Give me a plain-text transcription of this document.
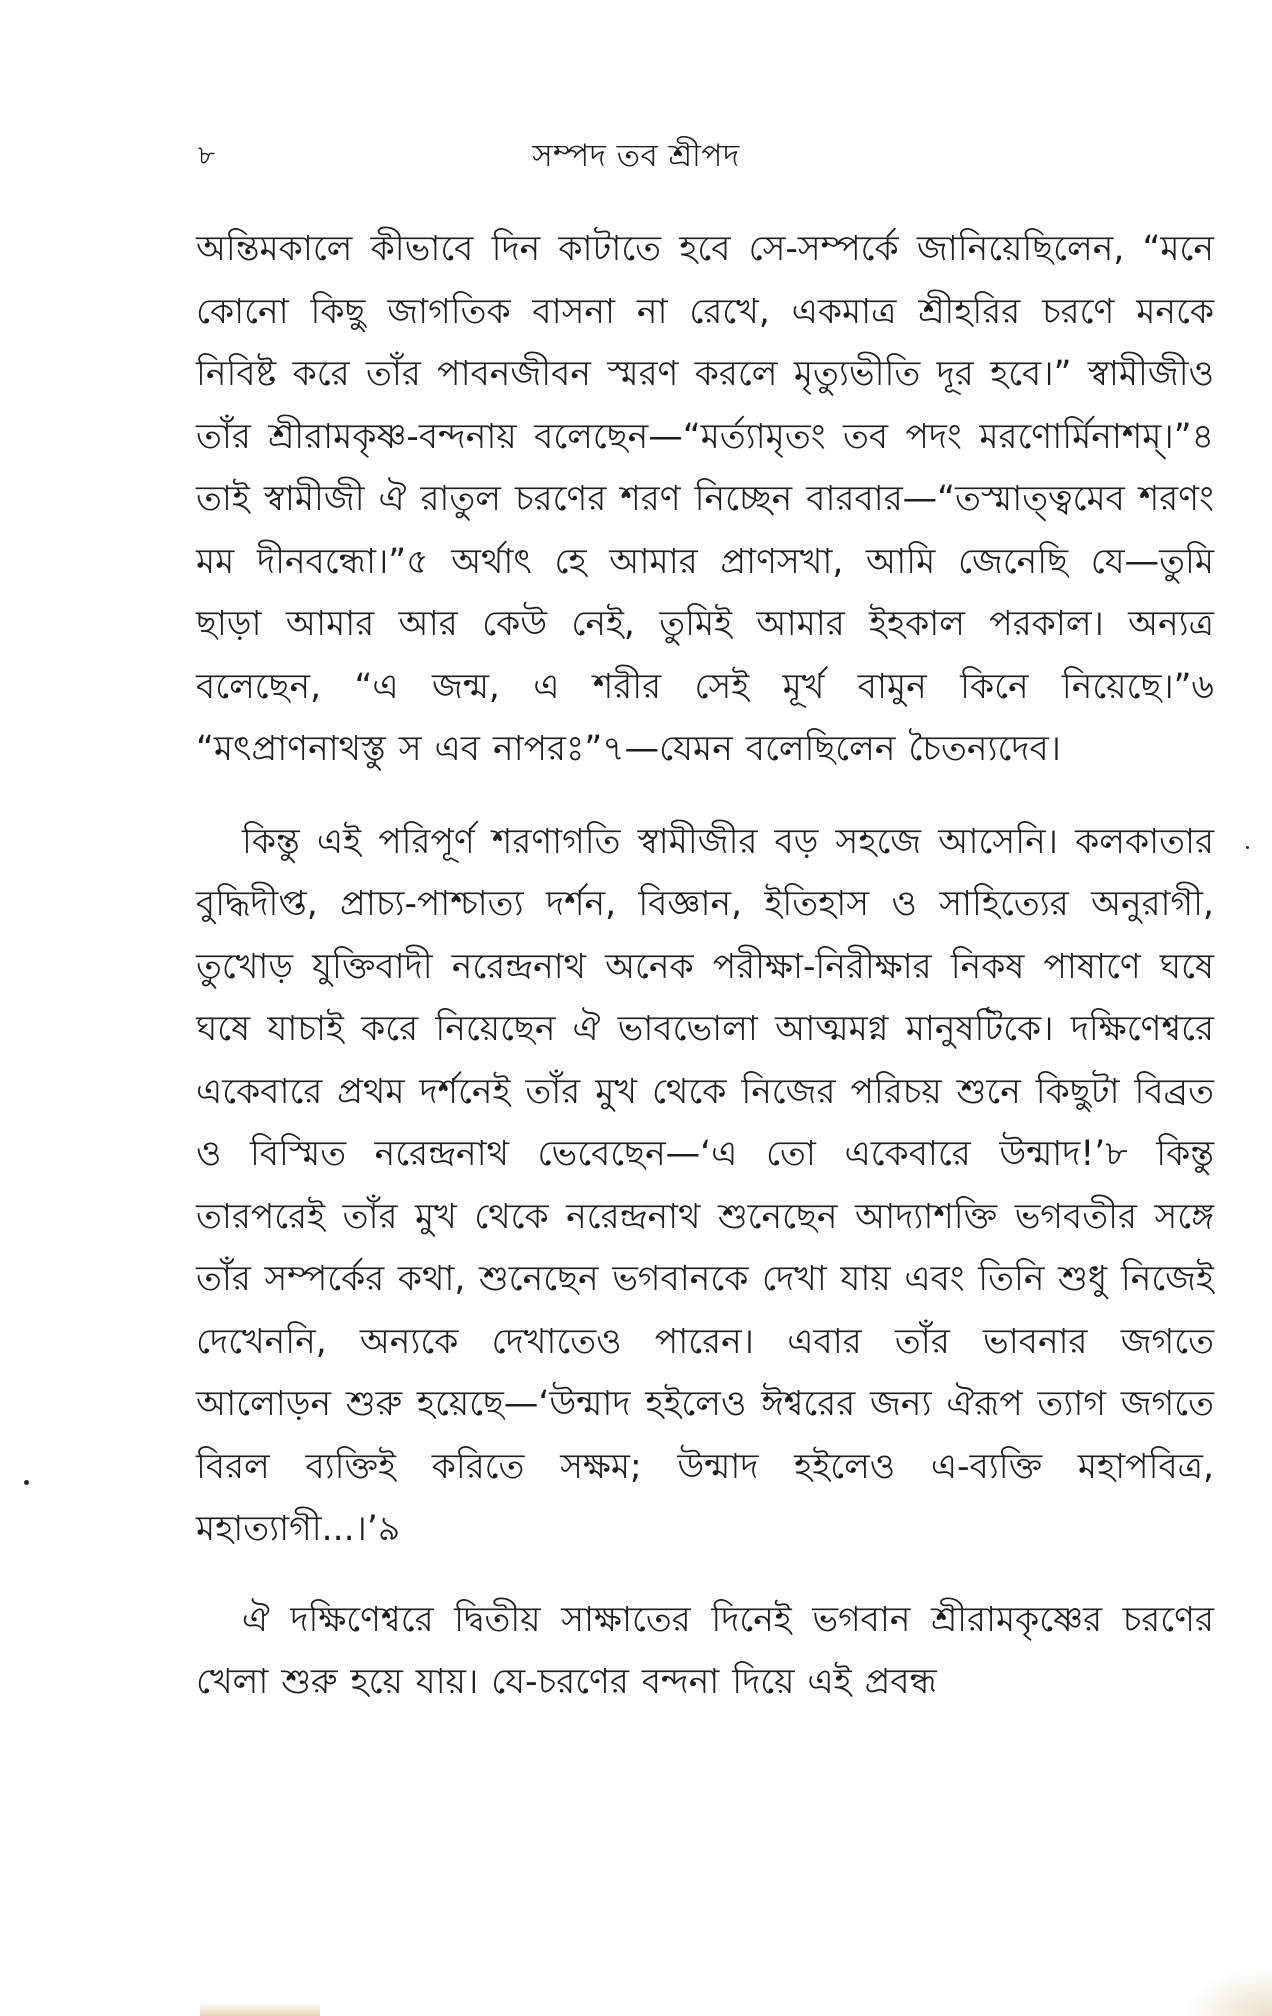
৮	সম্পদ তব শ্রীপদ

অন্তিমকালে কীভাবে দিন কাটাতে হবে সে-সম্পর্কে জানিয়েছিলেন, “মনে কোনো কিছু জাগতিক বাসনা না রেখে, একমাত্র শ্রীহরির চরণে মনকে নিবিষ্ট করে তাঁর পাবনজীবন স্মরণ করলে মৃত্যুভীতি দূর হবে।” স্বামীজীও তাঁর শ্রীরামকৃষ্ণ-বন্দনায় বলেছেন—“মর্ত্যামৃতং তব পদং মরণোর্মিনাশম্।”৪ তাই স্বামীজী ঐ রাতুল চরণের শরণ নিচ্ছেন বারবার—“তস্মাত্ত্বমেব শরণং মম দীনবন্ধো।”৫ অর্থাৎ হে আমার প্রাণসখা, আমি জেনেছি যে—তুমি ছাড়া আমার আর কেউ নেই, তুমিই আমার ইহকাল পরকাল। অন্যত্র বলেছেন, “এ জন্ম, এ শরীর সেই মূর্খ বামুন কিনে নিয়েছে।”৬ “মৎপ্রাণনাথস্তু স এব নাপরঃ”৭—যেমন বলেছিলেন চৈতন্যদেব।

কিন্তু এই পরিপূর্ণ শরণাগতি স্বামীজীর বড় সহজে আসেনি। কলকাতার বুদ্ধিদীপ্ত, প্রাচ্য-পাশ্চাত্য দর্শন, বিজ্ঞান, ইতিহাস ও সাহিত্যের অনুরাগী, তুখোড় যুক্তিবাদী নরেন্দ্রনাথ অনেক পরীক্ষা-নিরীক্ষার নিকষ পাষাণে ঘষে ঘষে যাচাই করে নিয়েছেন ঐ ভাবভোলা আত্মমগ্ন মানুষটিকে। দক্ষিণেশ্বরে একেবারে প্রথম দর্শনেই তাঁর মুখ থেকে নিজের পরিচয় শুনে কিছুটা বিব্রত ও বিস্মিত নরেন্দ্রনাথ ভেবেছেন—‘এ তো একেবারে উন্মাদ!’৮ কিন্তু তারপরেই তাঁর মুখ থেকে নরেন্দ্রনাথ শুনেছেন আদ্যাশক্তি ভগবতীর সঙ্গে তাঁর সম্পর্কের কথা, শুনেছেন ভগবানকে দেখা যায় এবং তিনি শুধু নিজেই দেখেননি, অন্যকে দেখাতেও পারেন। এবার তাঁর ভাবনার জগতে আলোড়ন শুরু হয়েছে—‘উন্মাদ হইলেও ঈশ্বরের জন্য ঐরূপ ত্যাগ জগতে বিরল ব্যক্তিই করিতে সক্ষম; উন্মাদ হইলেও এ-ব্যক্তি মহাপবিত্র, মহাত্যাগী...।’৯

ঐ দক্ষিণেশ্বরে দ্বিতীয় সাক্ষাতের দিনেই ভগবান শ্রীরামকৃষ্ণের চরণের খেলা শুরু হয়ে যায়। যে-চরণের বন্দনা দিয়ে এই প্রবন্ধ
